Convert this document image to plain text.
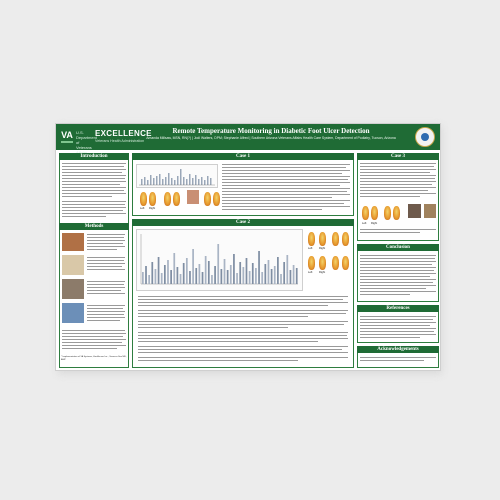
VA U.S. Department of Veterans
EXCELLENCE
Veterans Health Administration
Remote Temperature Monitoring in Diabetic Foot Ulcer Detection
Amanda Millsaw, MSN, RN(?) | Jodi Walters, DPM; Stephanie Alfred | Southern Arizona Veterans Affairs Health Care System, Department of Podiatry, Tucson, Arizona
Introduction
Methods
* Implementation of VA Systems, Healthcare Inc., Vanessa Sim MD, AMP
Case 1
Left Right
Case 2
Left	Right
Left	Right
Case 3
Left Right
Conclusion
References
Acknowledgements
